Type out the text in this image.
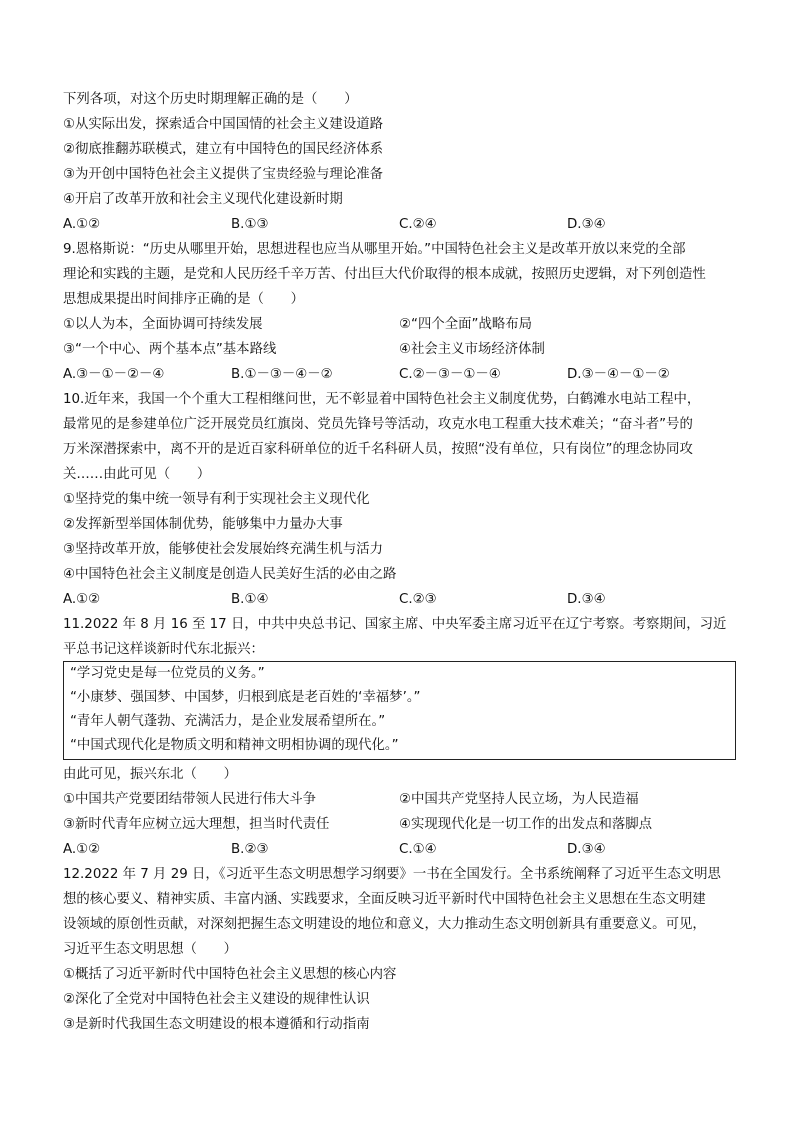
下列各项，对这个历史时期理解正确的是（　　）
①从实际出发，探索适合中国国情的社会主义建设道路
②彻底推翻苏联模式，建立有中国特色的国民经济体系
③为开创中国特色社会主义提供了宝贵经验与理论准备
④开启了改革开放和社会主义现代化建设新时期
A.①②	B.①③	C.②④	D.③④
9.恩格斯说：“历史从哪里开始，思想进程也应当从哪里开始。”中国特色社会主义是改革开放以来党的全部
理论和实践的主题，是党和人民历经千辛万苦、付出巨大代价取得的根本成就，按照历史逻辑，对下列创造性
思想成果提出时间排序正确的是（　　）
①以人为本，全面协调可持续发展	②“四个全面”战略布局
③“一个中心、两个基本点”基本路线	④社会主义市场经济体制
A.③－①－②－④	B.①－③－④－②	C.②－③－①－④	D.③－④－①－②
10.近年来，我国一个个重大工程相继问世，无不彰显着中国特色社会主义制度优势，白鹤滩水电站工程中，
最常见的是参建单位广泛开展党员红旗岗、党员先锋号等活动，攻克水电工程重大技术难关；“奋斗者”号的
万米深潜探索中，离不开的是近百家科研单位的近千名科研人员，按照“没有单位，只有岗位”的理念协同攻
关……由此可见（　　）
①坚持党的集中统一领导有利于实现社会主义现代化
②发挥新型举国体制优势，能够集中力量办大事
③坚持改革开放，能够使社会发展始终充满生机与活力
④中国特色社会主义制度是创造人民美好生活的必由之路
A.①②	B.①④	C.②③	D.③④
11.2022 年 8 月 16 至 17 日，中共中央总书记、国家主席、中央军委主席习近平在辽宁考察。考察期间，习近
平总书记这样谈新时代东北振兴：
“学习党史是每一位党员的义务。”
“小康梦、强国梦、中国梦，归根到底是老百姓的‘幸福梦’。”
“青年人朝气蓬勃、充满活力，是企业发展希望所在。”
“中国式现代化是物质文明和精神文明相协调的现代化。”
由此可见，振兴东北（　　）
①中国共产党要团结带领人民进行伟大斗争	②中国共产党坚持人民立场，为人民造福
③新时代青年应树立远大理想，担当时代责任	④实现现代化是一切工作的出发点和落脚点
A.①②	B.②③	C.①④	D.③④
12.2022 年 7 月 29 日，《习近平生态文明思想学习纲要》一书在全国发行。全书系统阐释了习近平生态文明思
想的核心要义、精神实质、丰富内涵、实践要求，全面反映习近平新时代中国特色社会主义思想在生态文明建
设领域的原创性贡献，对深刻把握生态文明建设的地位和意义，大力推动生态文明创新具有重要意义。可见，
习近平生态文明思想（　　）
①概括了习近平新时代中国特色社会主义思想的核心内容
②深化了全党对中国特色社会主义建设的规律性认识
③是新时代我国生态文明建设的根本遵循和行动指南
